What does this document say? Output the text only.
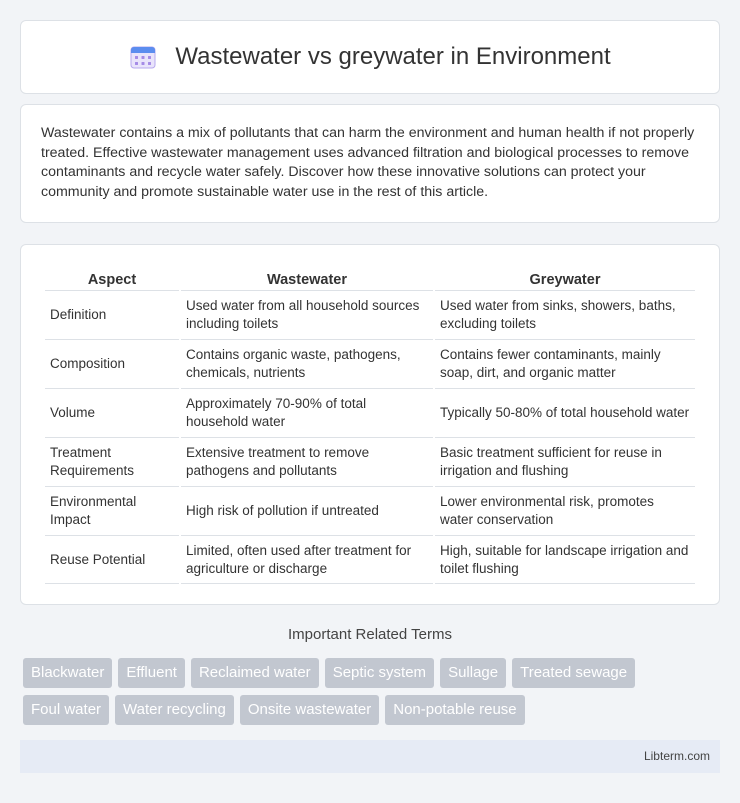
Wastewater vs greywater in Environment

Wastewater contains a mix of pollutants that can harm the environment and human health if not properly treated. Effective wastewater management uses advanced filtration and biological processes to remove contaminants and recycle water safely. Discover how these innovative solutions can protect your community and promote sustainable water use in the rest of this article.

Aspect	Wastewater	Greywater
Definition	Used water from all household sources including toilets	Used water from sinks, showers, baths, excluding toilets
Composition	Contains organic waste, pathogens, chemicals, nutrients	Contains fewer contaminants, mainly soap, dirt, and organic matter
Volume	Approximately 70-90% of total household water	Typically 50-80% of total household water
Treatment Requirements	Extensive treatment to remove pathogens and pollutants	Basic treatment sufficient for reuse in irrigation and flushing
Environmental Impact	High risk of pollution if untreated	Lower environmental risk, promotes water conservation
Reuse Potential	Limited, often used after treatment for agriculture or discharge	High, suitable for landscape irrigation and toilet flushing
Important Related Terms
Blackwater	Effluent	Reclaimed water	Septic system	Sullage	Treated sewage
Foul water	Water recycling	Onsite wastewater	Non-potable reuse
Libterm.com
